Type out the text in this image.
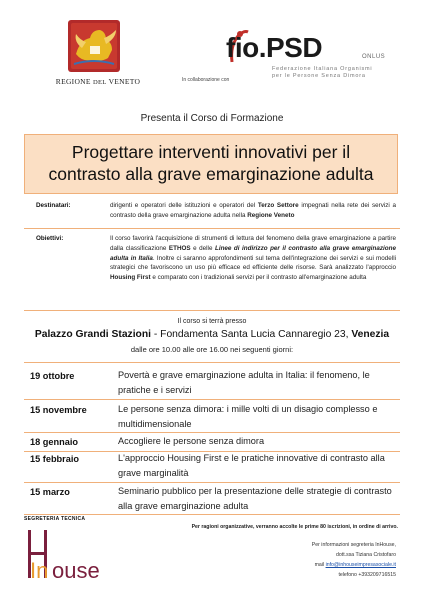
REGIONE DEL VENETO	In collaborazione con
fio.PSD	ONLUS
Federazione Italiana Organismi
per le Persone Senza Dimora
Presenta il Corso di Formazione
Progettare interventi innovativi per il
contrasto alla grave emarginazione adulta
Destinatari:	dirigenti e operatori delle istituzioni e operatori del Terzo Settore impegnati nella rete dei servizi a contrasto della grave emarginazione adulta nella Regione Veneto
Obiettivi:	Il corso favorirà l'acquisizione di strumenti di lettura del fenomeno della grave emarginazione a partire dalla classificazione ETHOS e delle Linee di indirizzo per il contrasto alla grave emarginazione adulta in Italia. Inoltre ci saranno approfondimenti sul tema dell'integrazione dei servizi e sui modelli strategici che favoriscono un uso più efficace ed efficiente delle risorse. Sarà analizzato l'approccio Housing First e comparato con i tradizionali servizi per il contrasto all'emarginazione adulta
Il corso si terrà presso
Palazzo Grandi Stazioni - Fondamenta Santa Lucia Cannaregio 23, Venezia
dalle ore 10.00 alle ore 16.00 nei seguenti giorni:
19 ottobre	Povertà e grave emarginazione adulta in Italia: il fenomeno, le pratiche e i servizi
15 novembre	Le persone senza dimora: i mille volti di un disagio complesso e multidimensionale
18 gennaio	Accogliere le persone senza dimora
15 febbraio	L'approccio Housing First e le pratiche innovative di contrasto alla grave marginalità
15 marzo	Seminario pubblico per la presentazione delle strategie di contrasto alla grave emarginazione adulta
SEGRETERIA TECNICA
In ouse
Per ragioni organizzative, verranno accolte le prime 80 iscrizioni, in ordine di arrivo.
Per informazioni segreteria InHouse,
dott.ssa Tiziana Cristofaro
mail info@inhouseimpresasociale.it
telefono +393209716515
